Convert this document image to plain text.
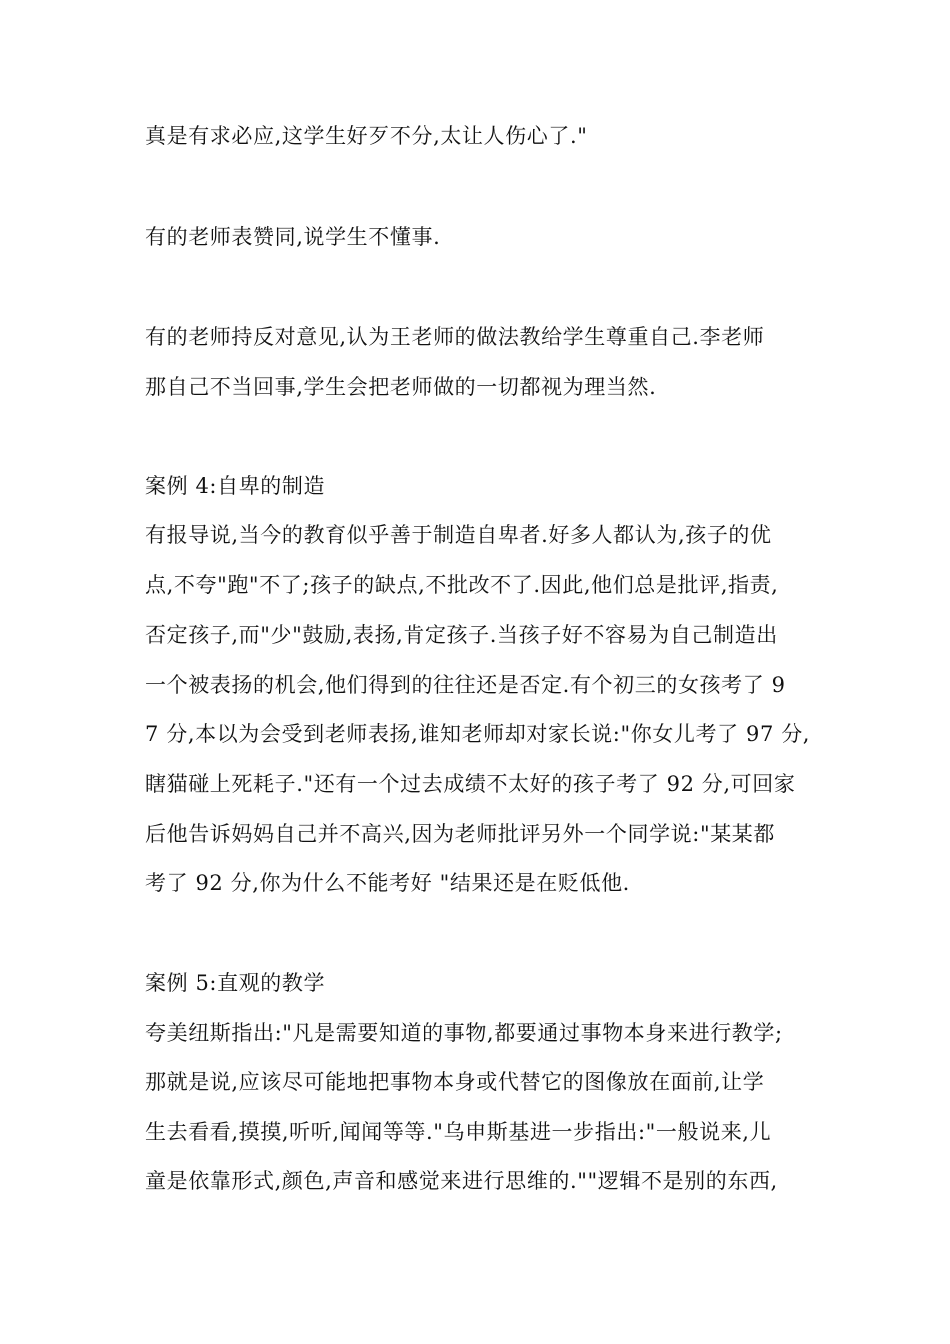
真是有求必应,这学生好歹不分,太让人伤心了."
有的老师表赞同,说学生不懂事.
有的老师持反对意见,认为王老师的做法教给学生尊重自己.李老师
那自己不当回事,学生会把老师做的一切都视为理当然.
案例 4:自卑的制造
有报导说,当今的教育似乎善于制造自卑者.好多人都认为,孩子的优
点,不夸"跑"不了;孩子的缺点,不批改不了.因此,他们总是批评,指责,
否定孩子,而"少"鼓励,表扬,肯定孩子.当孩子好不容易为自己制造出
一个被表扬的机会,他们得到的往往还是否定.有个初三的女孩考了 9
7 分,本以为会受到老师表扬,谁知老师却对家长说:"你女儿考了 97 分,
瞎猫碰上死耗子."还有一个过去成绩不太好的孩子考了 92 分,可回家
后他告诉妈妈自己并不高兴,因为老师批评另外一个同学说:"某某都
考了 92 分,你为什么不能考好 "结果还是在贬低他.
案例 5:直观的教学
夸美纽斯指出:"凡是需要知道的事物,都要通过事物本身来进行教学;
那就是说,应该尽可能地把事物本身或代替它的图像放在面前,让学
生去看看,摸摸,听听,闻闻等等."乌申斯基进一步指出:"一般说来,儿
童是依靠形式,颜色,声音和感觉来进行思维的.""逻辑不是别的东西,
